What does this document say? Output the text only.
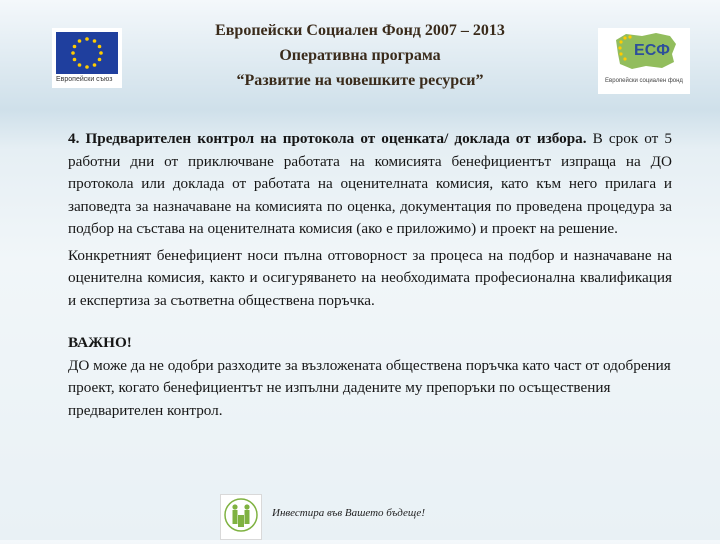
Европейски съюз
Европейски Социален Фонд 2007 – 2013
Оперативна програма
“Развитие на човешките ресурси”
ЕСФ
Европейски социален фонд

4. Предварителен контрол на протокола от оценката/ доклада от избора. В срок от 5 работни дни от приключване работата на комисията бенефициентът изпраща на ДО протокола или доклада от работата на оценителната комисия, като към него прилага и заповедта за назначаване на комисията по оценка, документация по проведена процедура за подбор на състава на оценителната комисия (ако е приложимо) и проект на решение.

Конкретният бенефициент носи пълна отговорност за процеса на подбор и назначаване на оценителна комисия, както и осигуряването на необходимата професионална квалификация и експертиза за съответна обществена поръчка.

ВАЖНО!

ДО може да не одобри разходите за възложената обществена поръчка като част от одобрения проект, когато бенефициентът не изпълни дадените му препоръки по осъществения предварителен контрол.

Инвестира във Вашето бъдеще!
